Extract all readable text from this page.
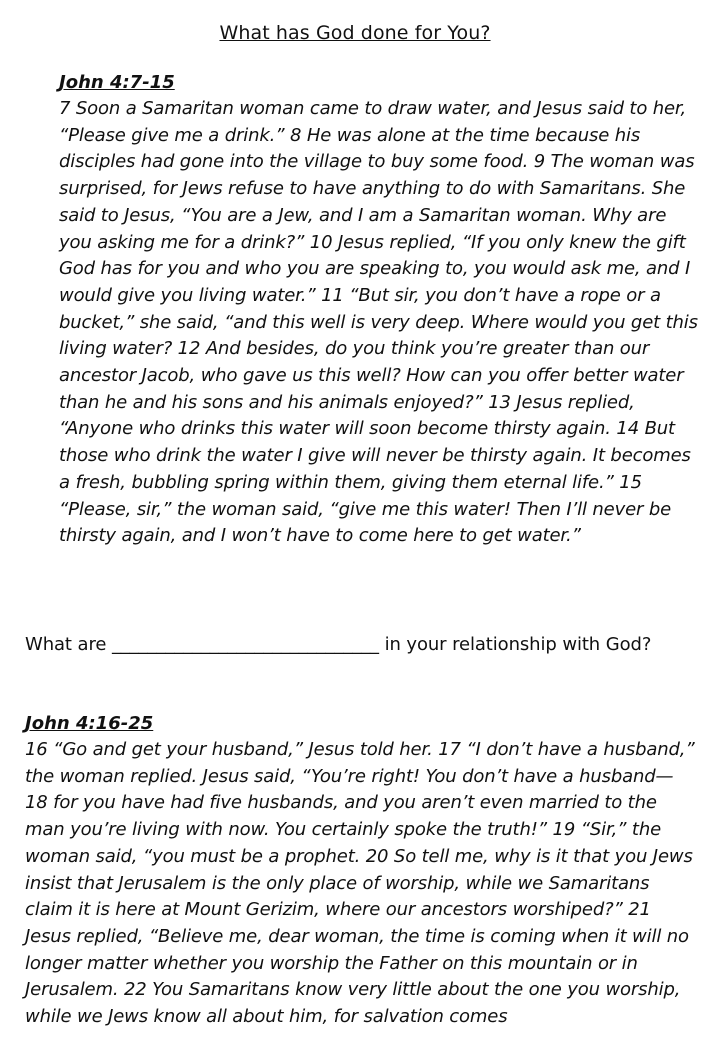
What has God done for You?

John 4:7-15

7 Soon a Samaritan woman came to draw water, and Jesus said to her, “Please give me a drink.” 8 He was alone at the time because his disciples had gone into the village to buy some food. 9 The woman was surprised, for Jews refuse to have anything to do with Samaritans. She said to Jesus, “You are a Jew, and I am a Samaritan woman. Why are you asking me for a drink?” 10 Jesus replied, “If you only knew the gift God has for you and who you are speaking to, you would ask me, and I would give you living water.” 11 “But sir, you don’t have a rope or a bucket,” she said, “and this well is very deep. Where would you get this living water? 12 And besides, do you think you’re greater than our ancestor Jacob, who gave us this well? How can you offer better water than he and his sons and his animals enjoyed?” 13 Jesus replied, “Anyone who drinks this water will soon become thirsty again. 14 But those who drink the water I give will never be thirsty again. It becomes a fresh, bubbling spring within them, giving them eternal life.” 15 “Please, sir,” the woman said, “give me this water! Then I’ll never be thirsty again, and I won’t have to come here to get water.”

What are ______________________________ in your relationship with God?

John 4:16-25

16 “Go and get your husband,” Jesus told her. 17 “I don’t have a husband,” the woman replied. Jesus said, “You’re right! You don’t have a husband— 18 for you have had five husbands, and you aren’t even married to the man you’re living with now. You certainly spoke the truth!” 19 “Sir,” the woman said, “you must be a prophet. 20 So tell me, why is it that you Jews insist that Jerusalem is the only place of worship, while we Samaritans claim it is here at Mount Gerizim, where our ancestors worshiped?” 21 Jesus replied, “Believe me, dear woman, the time is coming when it will no longer matter whether you worship the Father on this mountain or in Jerusalem. 22 You Samaritans know very little about the one you worship, while we Jews know all about him, for salvation comes
